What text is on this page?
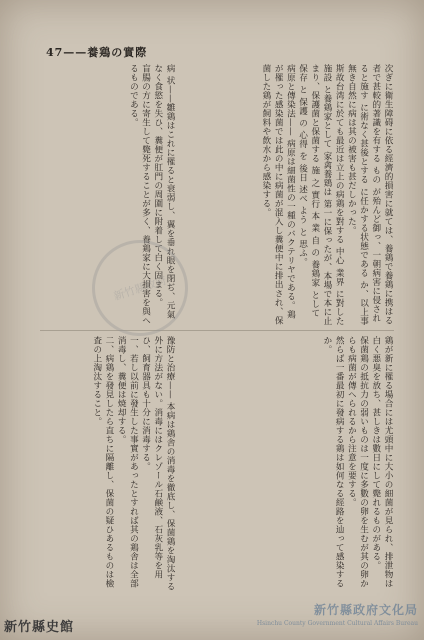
47——養鶏の實際

次ぎに衛生障碍に依る經濟的損害に就ては、養鶏で養鶏に携はる者で甚較的著識を有する もの が殆んど御っ、一朝病害に侵されると施す に術なく甚後とする に任かする状態である か、以上事無き自然に病は其の被害も甚だしかった。

斯故台湾に於ても最近は立上の病鶏を對する 中心 業界 に對した施設 と養鶏家として 家禽養鶏は 第一に保ったが、本場で本に止まり、保護菌と保菌する 施 之 實行 本 業 自 の 養鶏家 として 保存 と 保護 の 心得 を 後日 述べ よう と 思ふ。

病原と傳染法—— 病原は細菌性の一種のバクテリヤである。鶏が罹った感染菌では此の中に病菌が混入し糞便中に排出され、保菌した鶏が飼料や飲水から感染する。

病 状——雛鶏はこれに罹ると衰弱し、翼を垂れ眼を閉ぢ、元氣なく食慾を失ひ、糞便が肛門の周圍に附着して白く固まる。

盲腸の方に寄生して斃死することが多く、養鶏家に大損害を與へるものである。

鶏が新に罹る場合には尤頭中に大小の細菌が見られ、排泄物は白く悪臭を放ち、甚しきは數日にして斃れるものがある。

保菌鶏の抵抗力の弱いものは一度に多數の卵を生むが其の卵からも病菌が傳へられるから注意を要する。

然らば一番最初に發病する鶏は如何なる經路を辿って感染するか。

豫防と治療—— 本病は鶏舎の消毒を徹底し、保菌鶏を淘汰する外に方法がない。消毒にはクレゾール石鹸液、石灰乳等を用ひ、飼育器具も十分に消毒する。

一、若し以前に發生した事實があったとすれば其の鶏舎は全部消毒し、糞便は焼却する。

二、病鶏を發見したら直ちに隔離し、保菌の疑ひあるものは檢査の上淘汰すること。

新竹縣政府
新竹縣史館
新竹縣政府文化局
Hsinchu County Government Cultural Affairs Bureau
